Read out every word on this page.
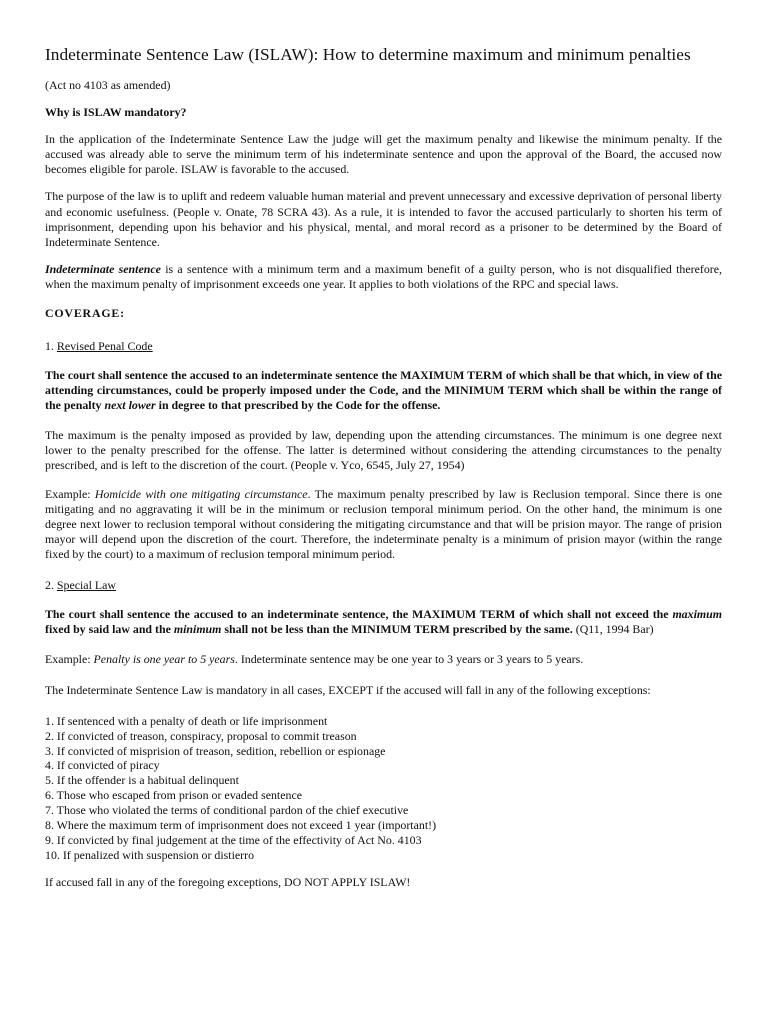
Indeterminate Sentence Law (ISLAW): How to determine maximum and minimum penalties

(Act no 4103 as amended)

Why is ISLAW mandatory?

In the application of the Indeterminate Sentence Law the judge will get the maximum penalty and likewise the minimum penalty. If the accused was already able to serve the minimum term of his indeterminate sentence and upon the approval of the Board, the accused now becomes eligible for parole. ISLAW is favorable to the accused.

The purpose of the law is to uplift and redeem valuable human material and prevent unnecessary and excessive deprivation of personal liberty and economic usefulness. (People v. Onate, 78 SCRA 43). As a rule, it is intended to favor the accused particularly to shorten his term of imprisonment, depending upon his behavior and his physical, mental, and moral record as a prisoner to be determined by the Board of Indeterminate Sentence.

Indeterminate sentence is a sentence with a minimum term and a maximum benefit of a guilty person, who is not disqualified therefore, when the maximum penalty of imprisonment exceeds one year. It applies to both violations of the RPC and special laws.

COVERAGE:

1. Revised Penal Code

The court shall sentence the accused to an indeterminate sentence the MAXIMUM TERM of which shall be that which, in view of the attending circumstances, could be properly imposed under the Code, and the MINIMUM TERM which shall be within the range of the penalty next lower in degree to that prescribed by the Code for the offense.

The maximum is the penalty imposed as provided by law, depending upon the attending circumstances. The minimum is one degree next lower to the penalty prescribed for the offense. The latter is determined without considering the attending circumstances to the penalty prescribed, and is left to the discretion of the court. (People v. Yco, 6545, July 27, 1954)

Example: Homicide with one mitigating circumstance. The maximum penalty prescribed by law is Reclusion temporal. Since there is one mitigating and no aggravating it will be in the minimum or reclusion temporal minimum period. On the other hand, the minimum is one degree next lower to reclusion temporal without considering the mitigating circumstance and that will be prision mayor. The range of prision mayor will depend upon the discretion of the court. Therefore, the indeterminate penalty is a minimum of prision mayor (within the range fixed by the court) to a maximum of reclusion temporal minimum period.

2. Special Law

The court shall sentence the accused to an indeterminate sentence, the MAXIMUM TERM of which shall not exceed the maximum fixed by said law and the minimum shall not be less than the MINIMUM TERM prescribed by the same. (Q11, 1994 Bar)

Example: Penalty is one year to 5 years. Indeterminate sentence may be one year to 3 years or 3 years to 5 years.

The Indeterminate Sentence Law is mandatory in all cases, EXCEPT if the accused will fall in any of the following exceptions:

1. If sentenced with a penalty of death or life imprisonment
2. If convicted of treason, conspiracy, proposal to commit treason
3. If convicted of misprision of treason, sedition, rebellion or espionage
4. If convicted of piracy
5. If the offender is a habitual delinquent
6. Those who escaped from prison or evaded sentence
7. Those who violated the terms of conditional pardon of the chief executive
8. Where the maximum term of imprisonment does not exceed 1 year (important!)
9. If convicted by final judgement at the time of the effectivity of Act No. 4103
10. If penalized with suspension or distierro

If accused fall in any of the foregoing exceptions, DO NOT APPLY ISLAW!
